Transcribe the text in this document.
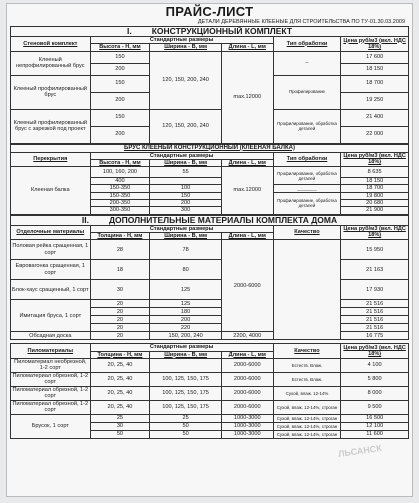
ПРАЙС-ЛИСТ
ДЕТАЛИ ДЕРЕВЯННЫЕ КЛЕЕНЫЕ ДЛЯ СТРОИТЕЛЬСТВА ПО ТУ-01.30.03.2009
I. КОНСТРУКЦИОННЫЙ КОМПЛЕКТ					
Стеновой комплект	Стандартные размеры			Тип обработки	Цена руб/м3 (вкл. НДС 18%)
	Высота - H, мм	Ширина - B, мм	Длина - L, мм		
Клееный непрофилированный брус	150	120, 150, 200, 240	max.12000	–	17 600
	200				18 150
Клееный профилированный брус	150			Профилирование	18 700
	200				19 250
Клееный профилированный брус с зарезкой под проект	150	120, 150, 200, 240		Профилирование, обработка деталей	21 400
	200				22 000
БРУС КЛЕЕНЫЙ КОНСТРУКЦИОННЫЙ (КЛЕЕНАЯ БАЛКА)					
Перекрытия	Стандартные размеры			Тип обработки	Цена руб/м3 (вкл. НДС 18%)
	Высота - H, мм	Ширина - B, мм	Длина - L, мм		
Клееная балка	100, 160, 200	55	max.12000	Профилирование, обработка деталей	8 635
	400				18 150
	150-350	100		________	18 700
	150-350	150		Профилирование, обработка деталей	19 800
	200-350	200			20 680
	300-350	300			21 900
II. ДОПОЛНИТЕЛЬНЫЕ МАТЕРИАЛЫ КОМПЛЕКТА ДОМА					
Отделочные материалы	Стандартные размеры			Качество	Цена руб/м3 (вкл. НДС 18%)
	Толщина - H, мм	Ширина - B, мм	Длина - L, мм		
Половая рейка сращенная, 1 сорт	28	78	2000-6000		15 950
Евровагонка сращенная, 1 сорт	18	80			21 163
Блок-хаус сращенный, 1 сорт	30	125			17 930
Имитация бруса, 1 сорт	20	125			21 516
	20	180			21 516
	20	200			21 516
	20	220			21 516
Обсадная доска	20	150, 200, 240	2200, 4000		16 775
Пиломатериалы	Стандартные размеры			Качество	Цена руб/м3 (вкл. НДС 18%)
	Толщина - H, мм	Ширина - B, мм	Длина - L, мм		
Пиломатериал необрезной, 1-2 сорт	20, 25, 40		2000-6000	Естеств. Влаж.	4 100
Пиломатериал обрезной, 1-2 сорт	20, 25, 40	100, 125, 150, 175	2000-6000	Естеств. Влаж.	5 800
Пиломатериал обрезной, 1-2 сорт	20, 25, 40	100, 125, 150, 175	2000-6000	Сухой, влаж. 12-14%	8 000
Пиломатериал обрезной, 1-2 сорт	20, 25, 40	100, 125, 150, 175	2000-6000	Сухой, влаж. 12-14%, строган	9 500
Брусок, 1 сорт	25	25	1000-3000	Сухой, влаж. 12-14%, строган	16 500
	30	50	1000-3000	Сухой, влаж. 12-14%, строган	12 100
	50	50	1000-3000	Сухой, влаж. 12-14%, строган	11 600
ЛЬСАНСК
